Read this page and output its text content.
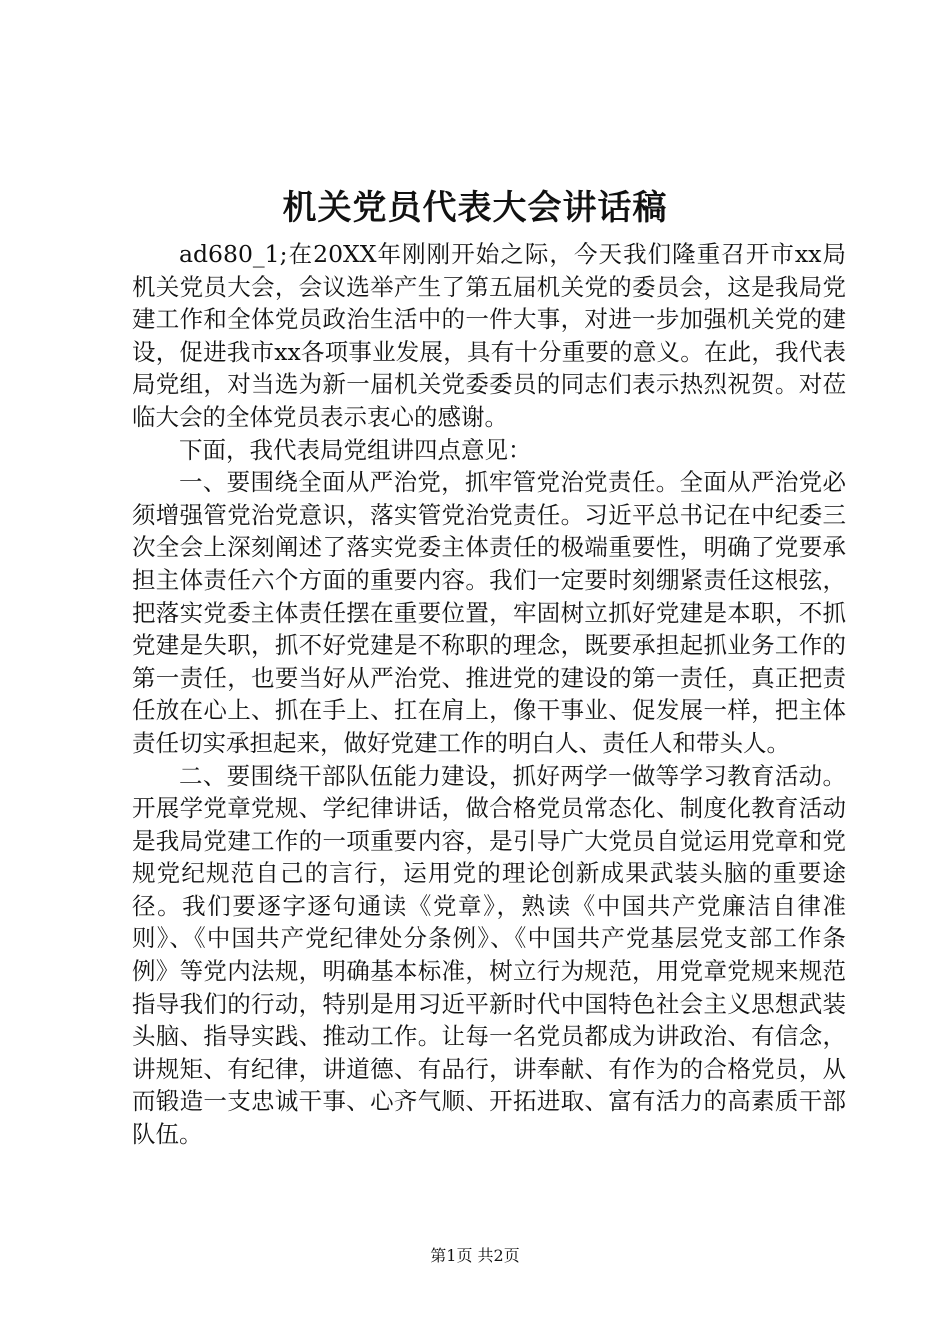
机关党员代表大会讲话稿

ad680_1;在20XX年刚刚开始之际，今天我们隆重召开市xx局机关党员大会，会议选举产生了第五届机关党的委员会，这是我局党建工作和全体党员政治生活中的一件大事，对进一步加强机关党的建设，促进我市xx各项事业发展，具有十分重要的意义。在此，我代表局党组，对当选为新一届机关党委委员的同志们表示热烈祝贺。对莅临大会的全体党员表示衷心的感谢。

下面，我代表局党组讲四点意见：

一、要围绕全面从严治党，抓牢管党治党责任。全面从严治党必须增强管党治党意识，落实管党治党责任。习近平总书记在中纪委三次全会上深刻阐述了落实党委主体责任的极端重要性，明确了党要承担主体责任六个方面的重要内容。我们一定要时刻绷紧责任这根弦，把落实党委主体责任摆在重要位置，牢固树立抓好党建是本职，不抓党建是失职，抓不好党建是不称职的理念，既要承担起抓业务工作的第一责任，也要当好从严治党、推进党的建设的第一责任，真正把责任放在心上、抓在手上、扛在肩上，像干事业、促发展一样，把主体责任切实承担起来，做好党建工作的明白人、责任人和带头人。

二、要围绕干部队伍能力建设，抓好两学一做等学习教育活动。开展学党章党规、学纪律讲话，做合格党员常态化、制度化教育活动是我局党建工作的一项重要内容，是引导广大党员自觉运用党章和党规党纪规范自己的言行，运用党的理论创新成果武装头脑的重要途径。我们要逐字逐句通读《党章》，熟读《中国共产党廉洁自律准则》、《中国共产党纪律处分条例》、《中国共产党基层党支部工作条例》等党内法规，明确基本标准，树立行为规范，用党章党规来规范指导我们的行动，特别是用习近平新时代中国特色社会主义思想武装头脑、指导实践、推动工作。让每一名党员都成为讲政治、有信念，讲规矩、有纪律，讲道德、有品行，讲奉献、有作为的合格党员，从而锻造一支忠诚干事、心齐气顺、开拓进取、富有活力的高素质干部队伍。

第1页 共2页
